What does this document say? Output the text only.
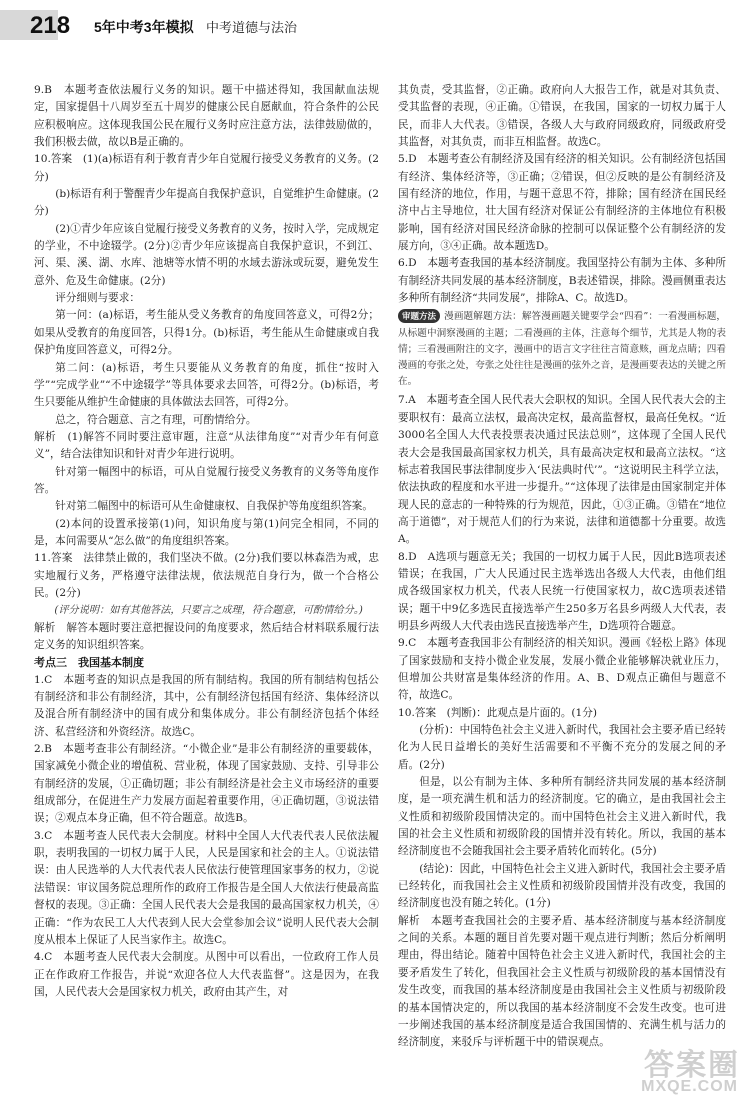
218 5年中考3年模拟 中考道德与法治

9.B　本题考查依法履行义务的知识。题干中描述得知，我国献血法规定，国家提倡十八周岁至五十周岁的健康公民自愿献血，符合条件的公民应积极响应。这体现我国公民在履行义务时应注意方法，法律鼓励做的，我们积极去做，故以B是正确的。

10.答案　(1)(a)标语有利于教育青少年自觉履行接受义务教育的义务。(2分)

(b)标语有利于警醒青少年提高自我保护意识，自觉维护生命健康。(2分)

(2)①青少年应该自觉履行接受义务教育的义务，按时入学，完成规定的学业，不中途辍学。(2分)②青少年应该提高自我保护意识，不到江、河、渠、溪、湖、水库、池塘等水情不明的水域去游泳或玩耍，避免发生意外、危及生命健康。(2分)

评分细则与要求：

第一问：(a)标语，考生能从受义务教育的角度回答意义，可得2分；如果从受教育的角度回答，只得1分。(b)标语，考生能从生命健康或自我保护角度回答意义，可得2分。

第二问：(a)标语，考生只要能从义务教育的角度，抓住“按时入学”“完成学业”“不中途辍学”等具体要求去回答，可得2分。(b)标语，考生只要能从维护生命健康的具体做法去回答，可得2分。

总之，符合题意、言之有理，可酌情给分。

解析　(1)解答不同时要注意审题，注意“从法律角度”“对青少年有何意义”，结合法律知识和针对青少年进行说明。

针对第一幅图中的标语，可从自觉履行接受义务教育的义务等角度作答。

针对第二幅图中的标语可从生命健康权、自我保护等角度组织答案。

(2)本问的设置承接第(1)问，知识角度与第(1)问完全相同，不同的是，本问需要从“怎么做”的角度组织答案。

11.答案　法律禁止做的，我们坚决不做。(2分)我们要以林森浩为戒，忠实地履行义务，严格遵守法律法规，依法规范自身行为，做一个合格公民。(2分)

(评分说明：如有其他答法，只要言之成理，符合题意，可酌情给分。)

解析　解答本题时要注意把握设问的角度要求，然后结合材料联系履行法定义务的知识组织答案。

考点三　我国基本制度

1.C　本题考查的知识点是我国的所有制结构。我国的所有制结构包括公有制经济和非公有制经济，其中，公有制经济包括国有经济、集体经济以及混合所有制经济中的国有成分和集体成分。非公有制经济包括个体经济、私营经济和外资经济。故选C。

2.B　本题考查非公有制经济。“小微企业”是非公有制经济的重要载体，国家减免小微企业的增值税、营业税，体现了国家鼓励、支持、引导非公有制经济的发展，①正确切题；非公有制经济是社会主义市场经济的重要组成部分，在促进生产力发展方面起着重要作用，④正确切题，③说法错误；②观点本身正确，但不符合题意。故选B。

3.C　本题考查人民代表大会制度。材料中全国人大代表代表人民依法履职，表明我国的一切权力属于人民，人民是国家和社会的主人。①说法错误：由人民选举的人大代表代表人民依法行使管理国家事务的权力，②说法错误：审议国务院总理所作的政府工作报告是全国人大依法行使最高监督权的表现。③正确：全国人民代表大会是我国的最高国家权力机关，④正确：“作为农民工人大代表到人民大会堂参加会议”说明人民代表大会制度从根本上保证了人民当家作主。故选C。

4.C　本题考查人民代表大会制度。从图中可以看出，一位政府工作人员正在作政府工作报告，并说“欢迎各位人大代表监督”。这是因为，在我国，人民代表大会是国家权力机关，政府由其产生，对

其负责，受其监督，②正确。政府向人大报告工作，就是对其负责、受其监督的表现，④正确。①错误，在我国，国家的一切权力属于人民，而非人大代表。③错误，各级人大与政府同级政府，同级政府受其监督，对其负责，而非互相监督。故选C。

5.D　本题考查公有制经济及国有经济的相关知识。公有制经济包括国有经济、集体经济等，③正确；②错误，但②反映的是公有制经济及国有经济的地位，作用，与题干意思不符，排除；国有经济在国民经济中占主导地位，壮大国有经济对保证公有制经济的主体地位有积极影响，国有经济对国民经济命脉的控制可以保证整个公有制经济的发展方向，③④正确。故本题选D。

6.D　本题考查我国的基本经济制度。我国坚持公有制为主体、多种所有制经济共同发展的基本经济制度，B表述错误，排除。漫画侧重表达多种所有制经济“共同发展”，排除A、C。故选D。

审题方法 漫画题解题方法：解答漫画题关键要学会“四看”：一看漫画标题，从标题中洞察漫画的主题；二看漫画的主体，注意每个细节，尤其是人物的表情；三看漫画附注的文字，漫画中的语言文字往往言简意赅，画龙点睛；四看漫画的夸张之处，夸张之处往往是漫画的弦外之音，是漫画要表达的关键之所在。

7.A　本题考查全国人民代表大会职权的知识。全国人民代表大会的主要职权有：最高立法权，最高决定权，最高监督权，最高任免权。“近3000名全国人大代表投票表决通过民法总则”，这体现了全国人民代表大会是我国最高国家权力机关，具有最高决定权和最高立法权。“这标志着我国民事法律制度步入‘民法典时代’”。“这说明民主科学立法，依法执政的程度和水平进一步提升。”“这体现了法律是由国家制定并体现人民的意志的一种特殊的行为规范，因此，①③正确。③错在“地位高于道德”，对于规范人们的行为来说，法律和道德都十分重要。故选A。

8.D　A选项与题意无关；我国的一切权力属于人民，因此B选项表述错误；在我国，广大人民通过民主选举选出各级人大代表，由他们组成各级国家权力机关，代表人民统一行使国家权力，故C选项表述错误；题干中9亿多选民直接选举产生250多万名县乡两级人大代表，表明县乡两级人大代表由选民直接选举产生，D选项符合题意。

9.C　本题考查我国非公有制经济的相关知识。漫画《轻松上路》体现了国家鼓励和支持小微企业发展，发展小微企业能够解决就业压力，但增加公共财富是集体经济的作用。A、B、D观点正确但与题意不符，故选C。

10.答案　(判断)：此观点是片面的。(1分)

(分析)：中国特色社会主义进入新时代，我国社会主要矛盾已经转化为人民日益增长的美好生活需要和不平衡不充分的发展之间的矛盾。(2分)

但是，以公有制为主体、多种所有制经济共同发展的基本经济制度，是一项充满生机和活力的经济制度。它的确立，是由我国社会主义性质和初级阶段国情决定的。而中国特色社会主义进入新时代，我国的社会主义性质和初级阶段的国情并没有转化。所以，我国的基本经济制度也不会随我国社会主要矛盾转化而转化。(5分)

(结论)：因此，中国特色社会主义进入新时代，我国社会主要矛盾已经转化，而我国社会主义性质和初级阶段国情并没有改变，我国的经济制度也没有随之转化。(1分)

解析　本题考查我国社会的主要矛盾、基本经济制度与基本经济制度之间的关系。本题的题目首先要对题干观点进行判断；然后分析阐明理由，得出结论。随着中国特色社会主义进入新时代，我国社会的主要矛盾发生了转化，但我国社会主义性质与初级阶段的基本国情没有发生改变，而我国的基本经济制度是由我国社会主义性质与初级阶段的基本国情决定的，所以我国的基本经济制度不会发生改变。也可进一步阐述我国的基本经济制度是适合我国国情的、充满生机与活力的经济制度，来驳斥与评析题干中的错误观点。

答案圈
MXQE.COM
